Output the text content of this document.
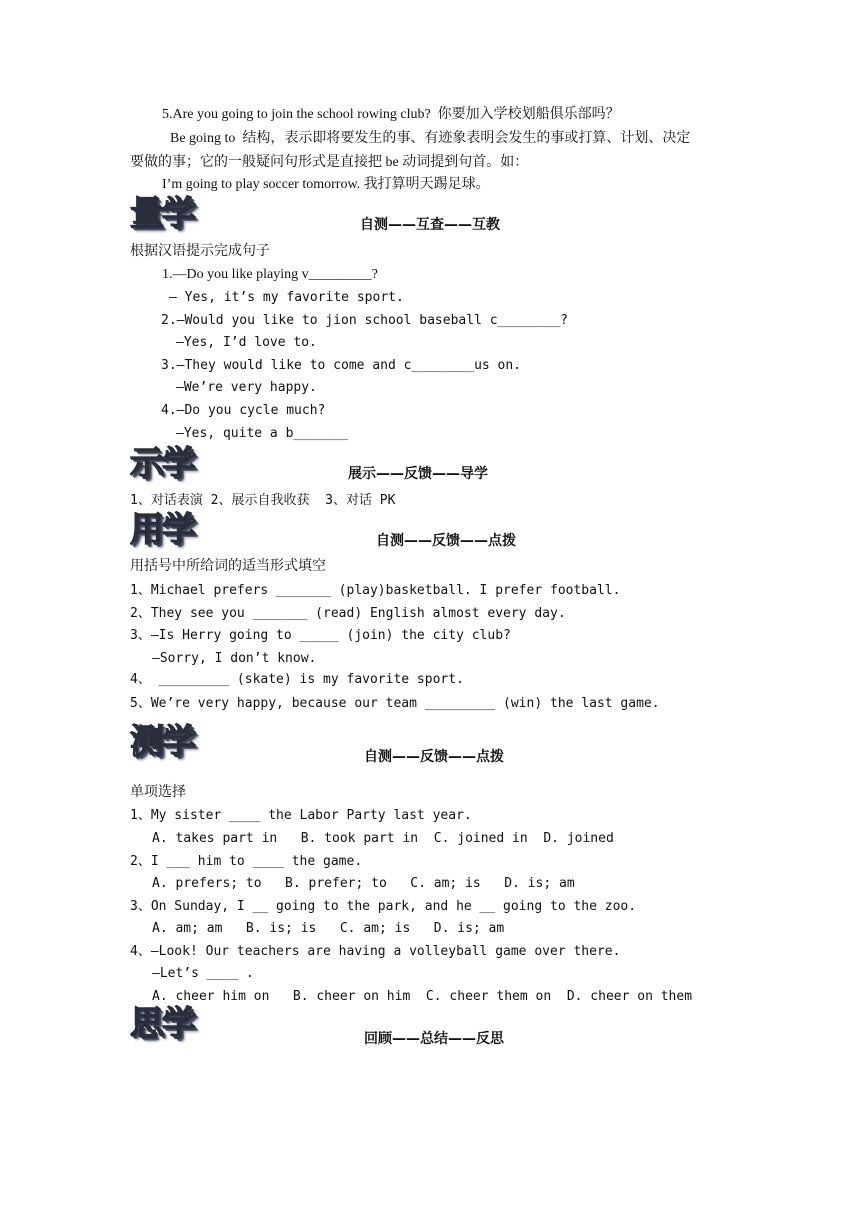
5.Are you going to join the school rowing club?  你要加入学校划船俱乐部吗？
Be going to  结构，表示即将要发生的事、有迹象表明会发生的事或打算、计划、决定
要做的事；它的一般疑问句形式是直接把 be 动词提到句首。如：
I’m going to play soccer tomorrow. 我打算明天踢足球。
量学	自测——互查——互教
根据汉语提示完成句子
1.—Do you like playing v_________?
— Yes, it’s my favorite sport.
2.—Would you like to jion school baseball c________?
—Yes, I’d love to.
3.—They would like to come and c________us on.
—We’re very happy.
4.—Do you cycle much?
—Yes, quite a b_______
示学	展示——反馈——导学
1、对话表演 2、展示自我收获  3、对话 PK
用学	自测——反馈——点拨
用括号中所给词的适当形式填空
1、Michael prefers _______ (play)basketball. I prefer football.
2、They see you _______ (read) English almost every day.
3、—Is Herry going to _____ (join) the city club?
—Sorry, I don’t know.
4、 _________ (skate) is my favorite sport.
5、We’re very happy, because our team _________ (win) the last game.
测学	自测——反馈——点拨
单项选择
1、My sister ____ the Labor Party last year.
A. takes part in   B. took part in  C. joined in  D. joined
2、I ___ him to ____ the game.
A. prefers; to   B. prefer; to   C. am; is   D. is; am
3、On Sunday, I __ going to the park, and he __ going to the zoo.
A. am; am   B. is; is   C. am; is   D. is; am
4、—Look! Our teachers are having a volleyball game over there.
—Let’s ____ .
A. cheer him on   B. cheer on him  C. cheer them on  D. cheer on them
思学	回顾——总结——反思
